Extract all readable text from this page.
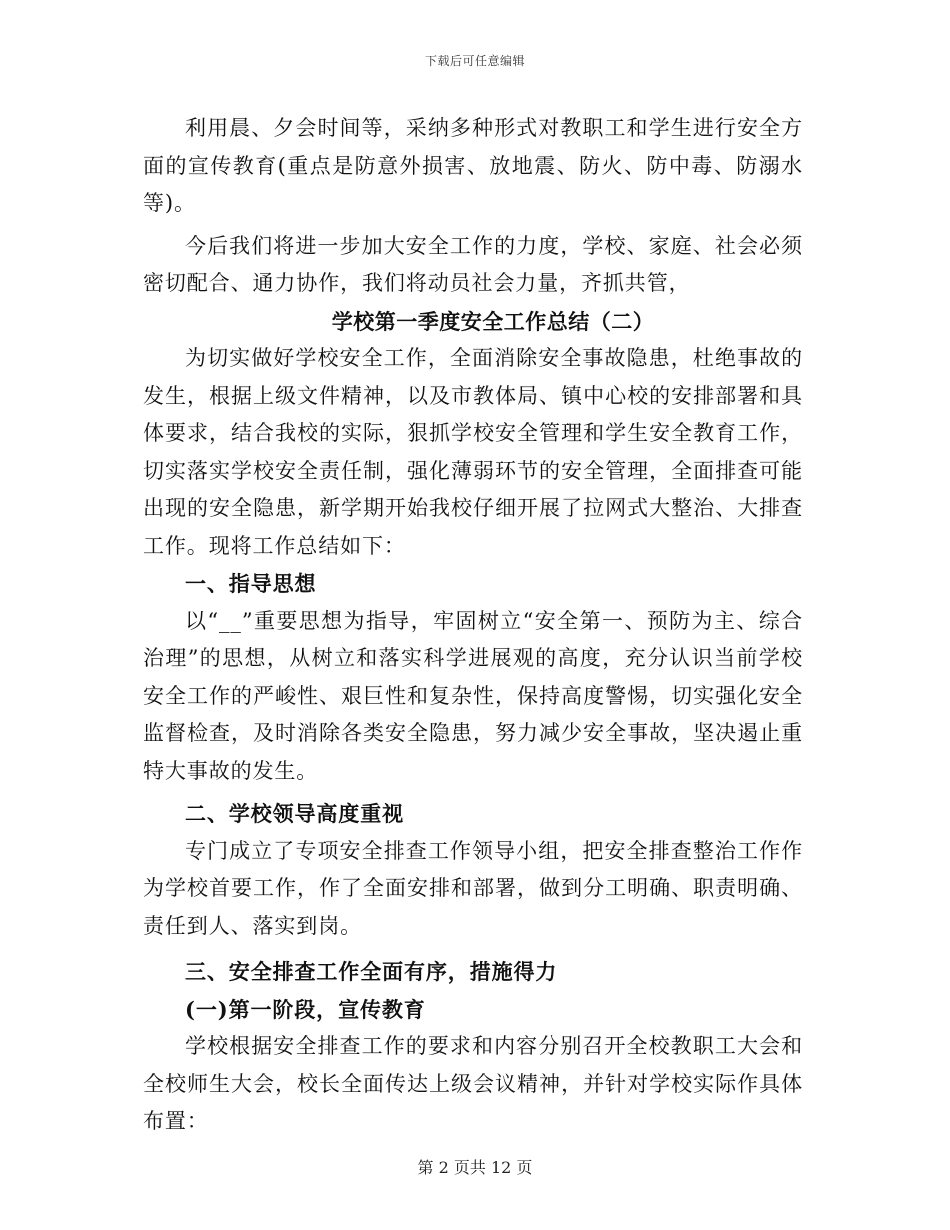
下载后可任意编辑

利用晨、夕会时间等，采纳多种形式对教职工和学生进行安全方面的宣传教育(重点是防意外损害、放地震、防火、防中毒、防溺水等)。

今后我们将进一步加大安全工作的力度，学校、家庭、社会必须密切配合、通力协作，我们将动员社会力量，齐抓共管，

学校第一季度安全工作总结（二）

为切实做好学校安全工作，全面消除安全事故隐患，杜绝事故的发生，根据上级文件精神，以及市教体局、镇中心校的安排部署和具体要求，结合我校的实际，狠抓学校安全管理和学生安全教育工作，切实落实学校安全责任制，强化薄弱环节的安全管理，全面排查可能出现的安全隐患，新学期开始我校仔细开展了拉网式大整治、大排查工作。现将工作总结如下：

一、指导思想

以“__”重要思想为指导，牢固树立“安全第一、预防为主、综合治理”的思想，从树立和落实科学进展观的高度，充分认识当前学校安全工作的严峻性、艰巨性和复杂性，保持高度警惕，切实强化安全监督检查，及时消除各类安全隐患，努力减少安全事故，坚决遏止重特大事故的发生。

二、学校领导高度重视

专门成立了专项安全排查工作领导小组，把安全排查整治工作作为学校首要工作，作了全面安排和部署，做到分工明确、职责明确、责任到人、落实到岗。

三、安全排查工作全面有序，措施得力
(一)第一阶段，宣传教育

学校根据安全排查工作的要求和内容分别召开全校教职工大会和全校师生大会，校长全面传达上级会议精神，并针对学校实际作具体布置：

第 2 页共 12 页
